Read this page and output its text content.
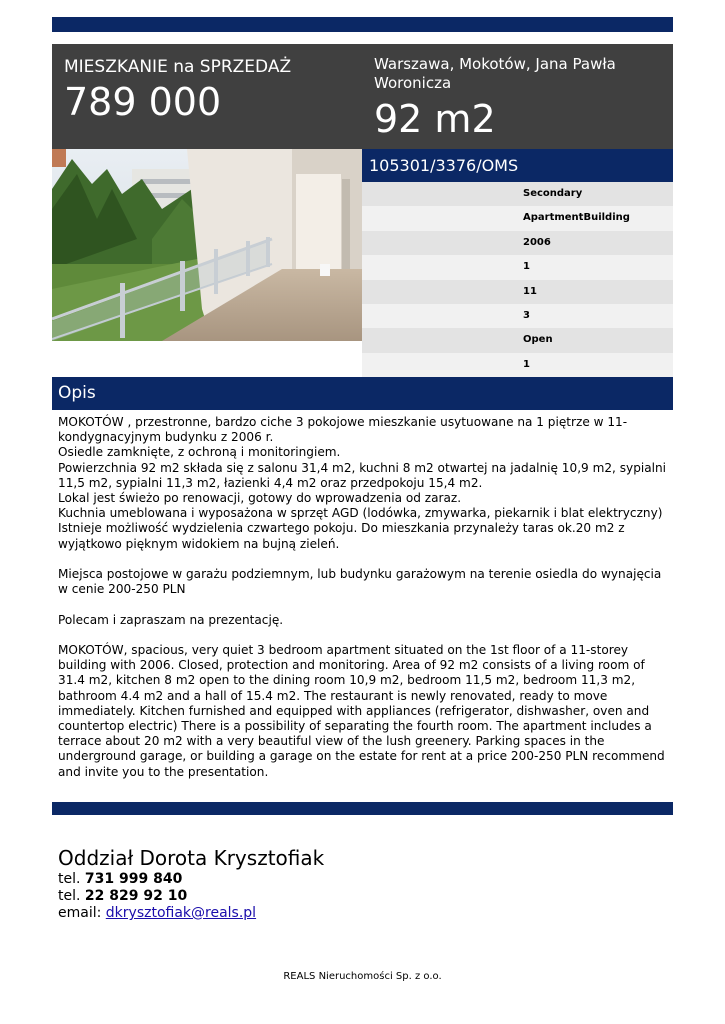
MIESZKANIE na SPRZEDAŻ
789 000
Warszawa, Mokotów, Jana Pawła Woronicza
92 m2
105301/3376/OMS
Secondary
ApartmentBuilding
2006
1
11
3
Open
1
Opis

MOKOTÓW , przestronne, bardzo ciche 3 pokojowe mieszkanie usytuowane na 1 piętrze w 11-kondygnacyjnym budynku z 2006 r.

Osiedle zamknięte, z ochroną i monitoringiem.

Powierzchnia 92 m2 składa się z salonu 31,4 m2, kuchni 8 m2 otwartej na jadalnię 10,9 m2, sypialni 11,5 m2, sypialni 11,3 m2, łazienki 4,4 m2 oraz przedpokoju 15,4 m2.

Lokal jest świeżo po renowacji, gotowy do wprowadzenia od zaraz.

Kuchnia umeblowana i wyposażona w sprzęt AGD (lodówka, zmywarka, piekarnik i blat elektryczny)

Istnieje możliwość wydzielenia czwartego pokoju. Do mieszkania przynależy taras ok.20 m2 z wyjątkowo pięknym widokiem na bujną zieleń.

Miejsca postojowe w garażu podziemnym, lub budynku garażowym na terenie osiedla do wynajęcia w cenie 200-250 PLN

Polecam i zapraszam na prezentację.

MOKOTÓW, spacious, very quiet 3 bedroom apartment situated on the 1st floor of a 11-storey building with 2006. Closed, protection and monitoring. Area of 92 m2 consists of a living room of 31.4 m2, kitchen 8 m2 open to the dining room 10,9 m2, bedroom 11,5 m2, bedroom 11,3 m2, bathroom 4.4 m2 and a hall of 15.4 m2. The restaurant is newly renovated, ready to move immediately. Kitchen furnished and equipped with appliances (refrigerator, dishwasher, oven and countertop electric) There is a possibility of separating the fourth room. The apartment includes a terrace about 20 m2 with a very beautiful view of the lush greenery. Parking spaces in the underground garage, or building a garage on the estate for rent at a price 200-250 PLN recommend and invite you to the presentation.

Oddział Dorota Krysztofiak
tel. 731 999 840
tel. 22 829 92 10
email: dkrysztofiak@reals.pl
REALS Nieruchomości Sp. z o.o.
